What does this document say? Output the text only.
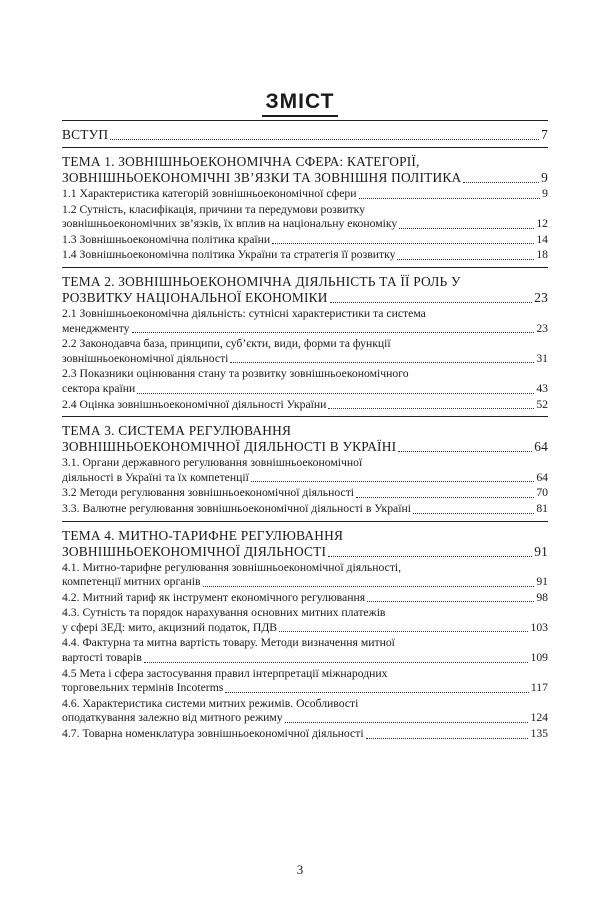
ЗМІСТ
ВСТУП	7
ТЕМА 1. ЗОВНІШНЬОЕКОНОМІЧНА СФЕРА: КАТЕГОРІЇ,
ЗОВНІШНЬОЕКОНОМІЧНІ ЗВ’ЯЗКИ ТА ЗОВНІШНЯ ПОЛІТИКА	9
1.1 Характеристика категорій зовнішньоекономічної сфери	9
1.2 Сутність, класифікація, причини та передумови розвитку
зовнішньоекономічних зв’язків, їх вплив на національну економіку	12
1.3 Зовнішньоекономічна політика країни	14
1.4 Зовнішньоекономічна політика України та стратегія її розвитку	18
ТЕМА 2. ЗОВНІШНЬОЕКОНОМІЧНА ДІЯЛЬНІСТЬ ТА ЇЇ РОЛЬ У
РОЗВИТКУ НАЦІОНАЛЬНОЇ ЕКОНОМІКИ	23
2.1 Зовнішньоекономічна діяльність: сутнісні характеристики та система
менеджменту	23
2.2 Законодавча база, принципи, суб’єкти, види, форми та функції
зовнішньоекономічної діяльності	31
2.3 Показники оцінювання стану та розвитку зовнішньоекономічного
сектора країни	43
2.4 Оцінка зовнішньоекономічної діяльності України	52
ТЕМА 3. СИСТЕМА РЕГУЛЮВАННЯ
ЗОВНІШНЬОЕКОНОМІЧНОЇ ДІЯЛЬНОСТІ В УКРАЇНІ	64
3.1. Органи державного регулювання зовнішньоекономічної
діяльності в Україні та їх компетенції	64
3.2 Методи регулювання зовнішньоекономічної діяльності	70
3.3. Валютне регулювання зовнішньоекономічної діяльності в Україні	81
ТЕМА 4. МИТНО-ТАРИФНЕ РЕГУЛЮВАННЯ
ЗОВНІШНЬОЕКОНОМІЧНОЇ ДІЯЛЬНОСТІ	91
4.1. Митно-тарифне регулювання зовнішньоекономічної діяльності,
компетенції митних органів	91
4.2. Митний тариф як інструмент економічного регулювання	98
4.3. Сутність та порядок нарахування основних митних платежів
у сфері ЗЕД: мито, акцизний податок, ПДВ	103
4.4. Фактурна та митна вартість товару. Методи визначення митної
вартості товарів	109
4.5 Мета і сфера застосування правил інтерпретації міжнародних
торговельних термінів Incoterms	117
4.6. Характеристика системи митних режимів. Особливості
оподаткування залежно від митного режиму	124
4.7. Товарна номенклатура зовнішньоекономічної діяльності	135
3
